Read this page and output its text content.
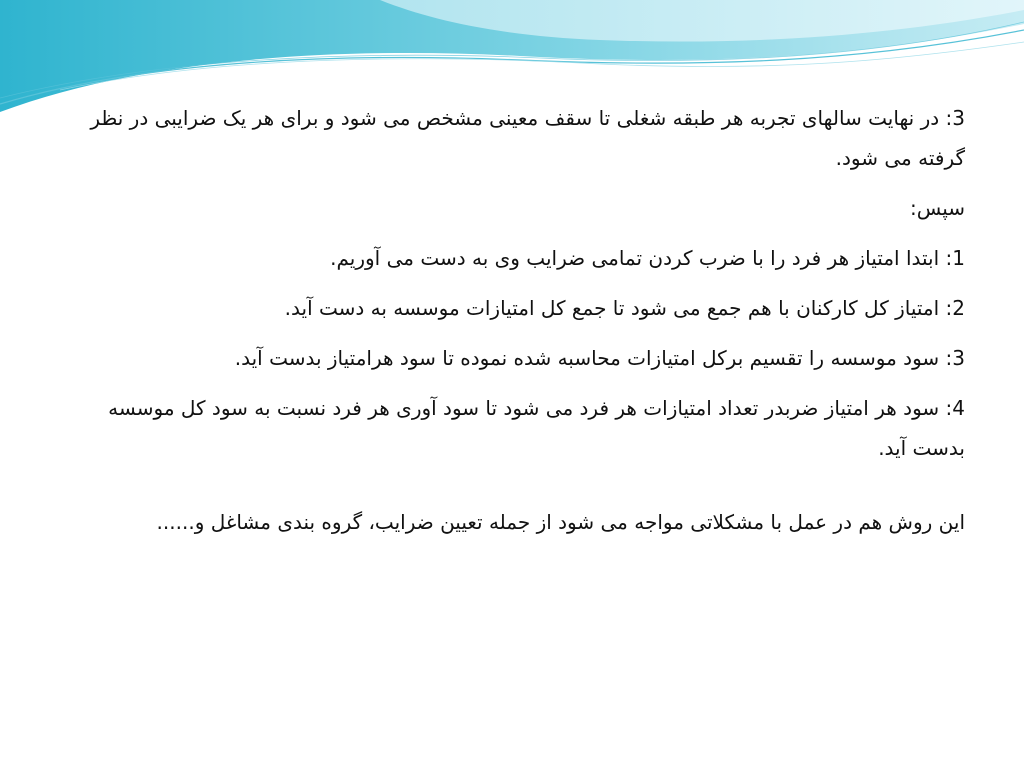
3: در نهایت سالهای تجربه هر طبقه شغلی تا سقف معینی مشخص می شود و برای هر یک ضرایبی در نظر گرفته می شود.

سپس:

1: ابتدا امتیاز هر فرد را با ضرب کردن تمامی ضرایب وی به دست می آوریم.

2: امتیاز کل کارکنان با هم جمع می شود تا جمع کل امتیازات موسسه به دست آید.

3: سود موسسه را تقسیم برکل امتیازات محاسبه شده نموده تا سود هرامتیاز بدست آید.

4: سود هر امتیاز ضربدر تعداد امتیازات هر فرد می شود تا سود آوری هر فرد نسبت به سود کل موسسه بدست آید.

این روش هم در عمل با مشکلاتی مواجه می شود از جمله تعیین ضرایب، گروه بندی مشاغل و......
